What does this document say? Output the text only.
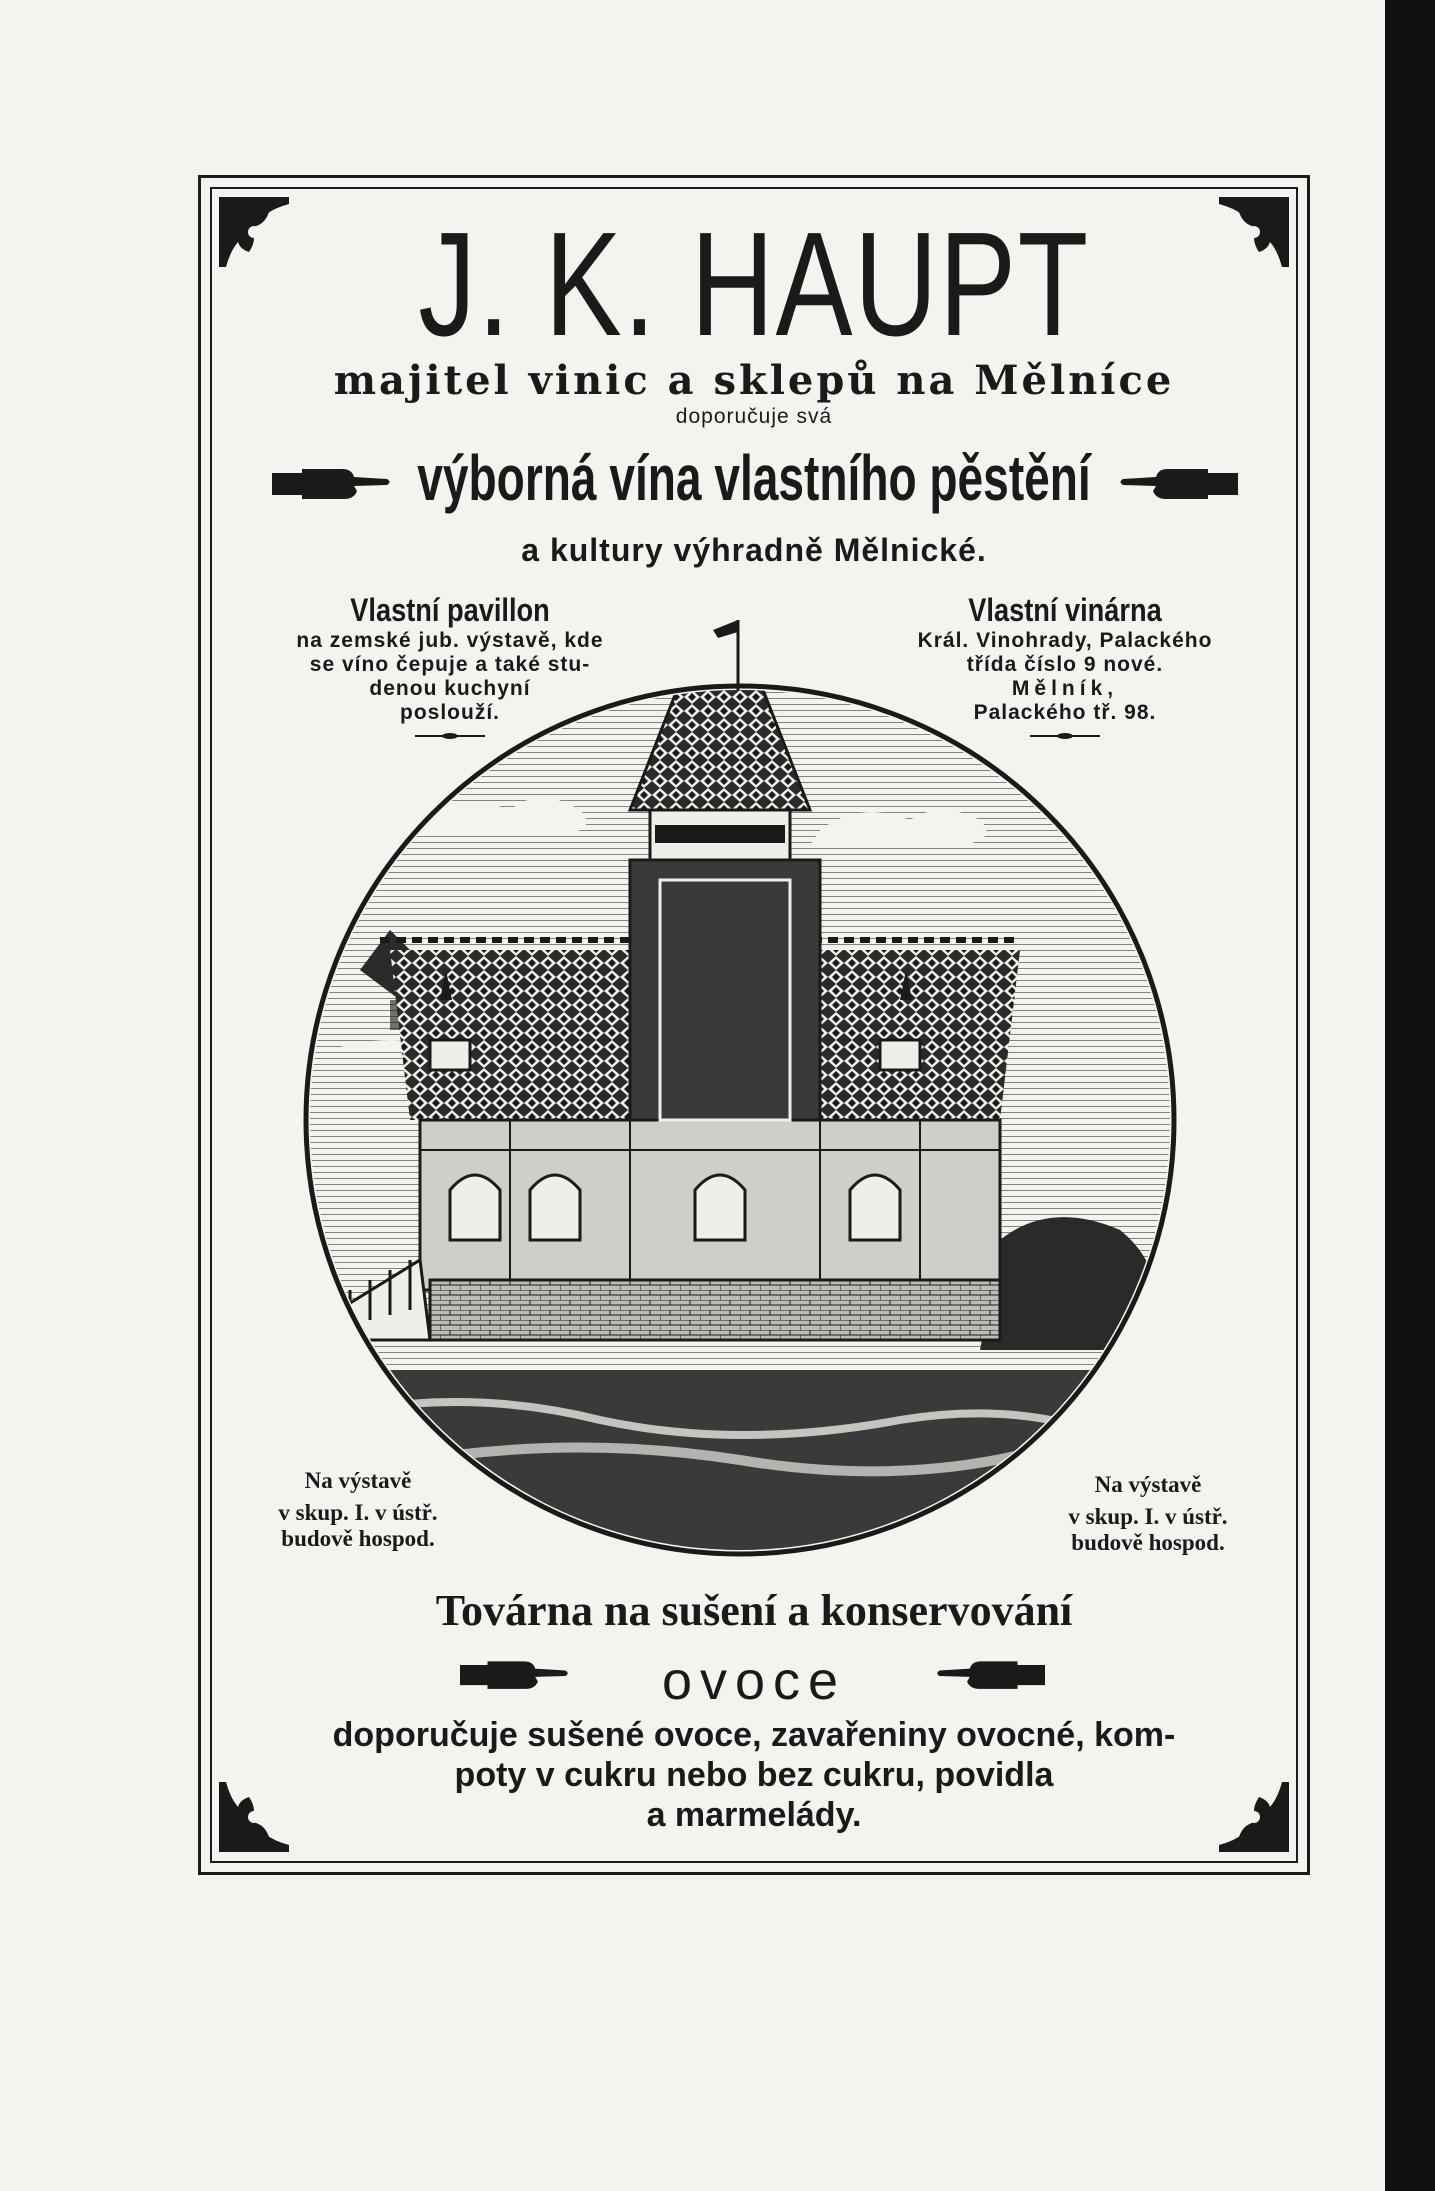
J. K. HAUPT
majitel vinic a sklepů na Mělníce
doporučuje svá
výborná vína vlastního pěstění
a kultury výhradně Mělnické.
Vlastní pavillon
na zemské jub. výstavě, kde
se víno čepuje a také stu-
denou kuchyní
poslouží.
Vlastní vinárna
Král. Vinohrady, Palackého
třída číslo 9 nové.
Mělník,
Palackého tř. 98.
Na výstavě
v skup. I. v ústř.
budově hospod.
Na výstavě
v skup. I. v ústř.
budově hospod.
Továrna na sušení a konservování
ovoce
doporučuje sušené ovoce, zavařeniny ovocné, kom-
poty v cukru nebo bez cukru, povidla
a marmelády.
